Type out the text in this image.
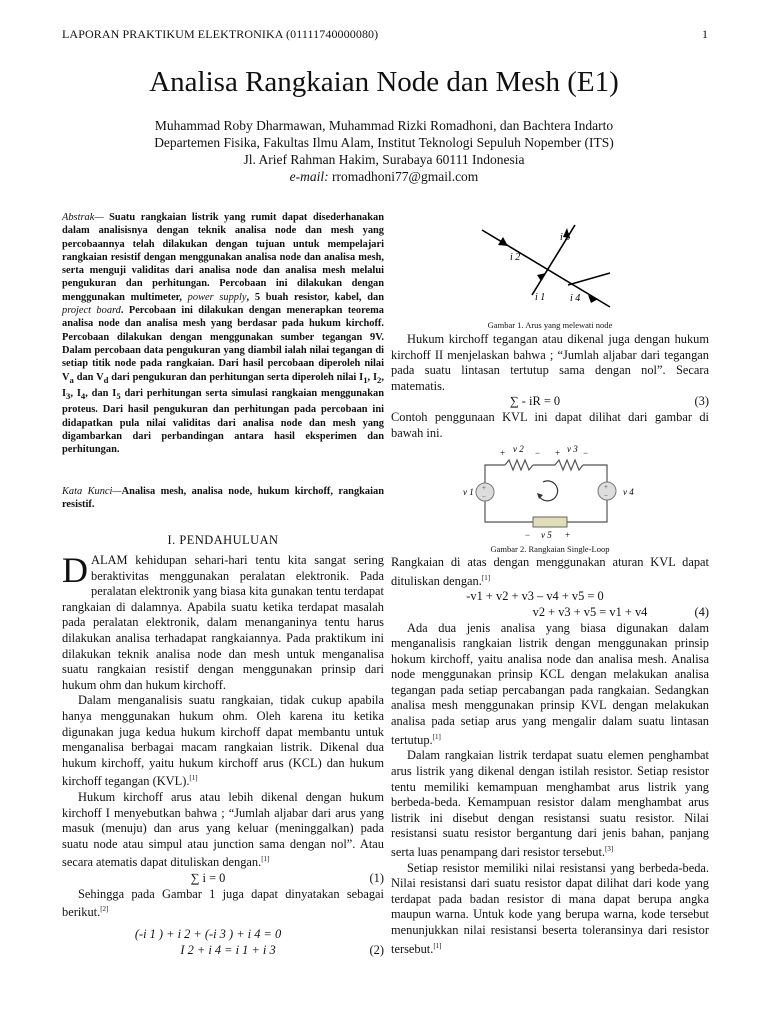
LAPORAN PRAKTIKUM ELEKTRONIKA (01111740000080)	1
Analisa Rangkaian Node dan Mesh (E1)
Muhammad Roby Dharmawan, Muhammad Rizki Romadhoni, dan Bachtera Indarto
Departemen Fisika, Fakultas Ilmu Alam, Institut Teknologi Sepuluh Nopember (ITS)
Jl. Arief Rahman Hakim, Surabaya 60111 Indonesia
e-mail: rromadhoni77@gmail.com
Abstrak— Suatu rangkaian listrik yang rumit dapat disederhanakan dalam analisisnya dengan teknik analisa node dan mesh yang percobaannya telah dilakukan dengan tujuan untuk mempelajari rangkaian resistif dengan menggunakan analisa node dan analisa mesh, serta menguji validitas dari analisa node dan analisa mesh melalui pengukuran dan perhitungan. Percobaan ini dilakukan dengan menggunakan multimeter, power supply, 5 buah resistor, kabel, dan project board. Percobaan ini dilakukan dengan menerapkan teorema analisa node dan analisa mesh yang berdasar pada hukum kirchoff. Percobaan dilakukan dengan menggunakan sumber tegangan 9V. Dalam percobaan data pengukuran yang diambil ialah nilai tegangan di setiap titik node pada rangkaian. Dari hasil percobaan diperoleh nilai $V_a$ dan $V_d$ dari pengukuran dan perhitungan serta diperoleh nilai $I_1$, $I_2$, $I_3$, $I_4$, dan $I_5$ dari perhitungan serta simulasi rangkaian menggunakan proteus. Dari hasil pengukuran dan perhitungan pada percobaan ini didapatkan pula nilai validitas dari analisa node dan mesh yang digambarkan dari perbandingan antara hasil eksperimen dan perhitungan.
Kata Kunci—Analisa mesh, analisa node, hukum kirchoff, rangkaian resistif.
I. PENDAHULUAN

DALAM kehidupan sehari-hari tentu kita sangat sering beraktivitas menggunakan peralatan elektronik. Pada peralatan elektronik yang biasa kita gunakan tentu terdapat rangkaian di dalamnya. Apabila suatu ketika terdapat masalah pada peralatan elektronik, dalam menanganinya tentu harus dilakukan analisa terhadapat rangkaiannya. Pada praktikum ini dilakukan teknik analisa node dan mesh untuk menganalisa suatu rangkaian resistif dengan menggunakan prinsip dari hukum ohm dan hukum kirchoff.

Dalam menganalisis suatu rangkaian, tidak cukup apabila hanya menggunakan hukum ohm. Oleh karena itu ketika digunakan juga kedua hukum kirchoff dapat membantu untuk menganalisa berbagai macam rangkaian listrik. Dikenal dua hukum kirchoff, yaitu hukum kirchoff arus (KCL) dan hukum kirchoff tegangan (KVL).[1]

Hukum kirchoff arus atau lebih dikenal dengan hukum kirchoff I menyebutkan bahwa ; “Jumlah aljabar dari arus yang masuk (menuju) dan arus yang keluar (meninggalkan) pada suatu node atau simpul atau junction sama dengan nol”. Atau secara atematis dapat dituliskan dengan.[1]

∑ i = 0	(1)

Sehingga pada Gambar 1 juga dapat dinyatakan sebagai berikut.[2]

(-i 1 ) + i 2 + (-i 3 ) + i 4 = 0
I 2 + i 4 = i 1 + i 3	(2)
i 2
i 3
i 1 i 4
Gambar 1. Arus yang melewati node

Hukum kirchoff tegangan atau dikenal juga dengan hukum kirchoff II menjelaskan bahwa ; “Jumlah aljabar dari tegangan pada suatu lintasan tertutup sama dengan nol”. Secara matematis.

∑ - iR = 0	(3)

Contoh penggunaan KVL ini dapat dilihat dari gambar di bawah ini.

+
−
+
−
v 1	v 4
+ v 2 − + v 3 −
− v 5 +
Gambar 2. Rangkaian Single-Loop

Rangkaian di atas dengan menggunakan aturan KVL dapat dituliskan dengan.[1]

-v1 + v2 + v3 – v4 + v5 = 0
v2 + v3 + v5 = v1 + v4	(4)

Ada dua jenis analisa yang biasa digunakan dalam menganalisis rangkaian listrik dengan menggunakan prinsip hokum kirchoff, yaitu analisa node dan analisa mesh. Analisa node menggunakan prinsip KCL dengan melakukan analisa tegangan pada setiap percabangan pada rangkaian. Sedangkan analisa mesh menggunakan prinsip KVL dengan melakukan analisa pada setiap arus yang mengalir dalam suatu lintasan tertutup.[1]

Dalam rangkaian listrik terdapat suatu elemen penghambat arus listrik yang dikenal dengan istilah resistor. Setiap resistor tentu memiliki kemampuan menghambat arus listrik yang berbeda-beda. Kemampuan resistor dalam menghambat arus listrik ini disebut dengan resistansi suatu resistor. Nilai resistansi suatu resistor bergantung dari jenis bahan, panjang serta luas penampang dari resistor tersebut.[3]

Setiap resistor memiliki nilai resistansi yang berbeda-beda. Nilai resistansi dari suatu resistor dapat dilihat dari kode yang terdapat pada badan resistor di mana dapat berupa angka maupun warna. Untuk kode yang berupa warna, kode tersebut menunjukkan nilai resistansi beserta toleransinya dari resistor tersebut.[1]
